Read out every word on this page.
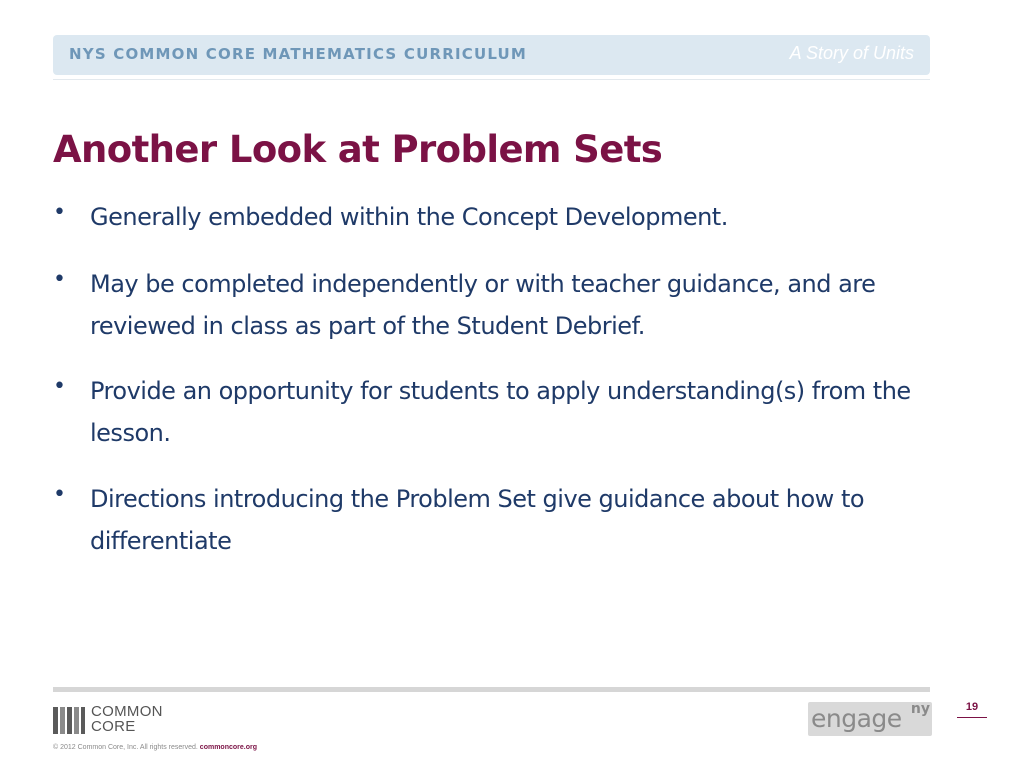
NYS COMMON CORE MATHEMATICS CURRICULUM	A Story of Units
Another Look at Problem Sets
• Generally embedded within the Concept Development.
• May be completed independently or with teacher guidance, and are reviewed in class as part of the Student Debrief.
• Provide an opportunity for students to apply understanding(s) from the lesson.
• Directions introducing the Problem Set give guidance about how to differentiate
COMMON
CORE
© 2012 Common Core, Inc. All rights reserved. commoncore.org
engage ny	19
